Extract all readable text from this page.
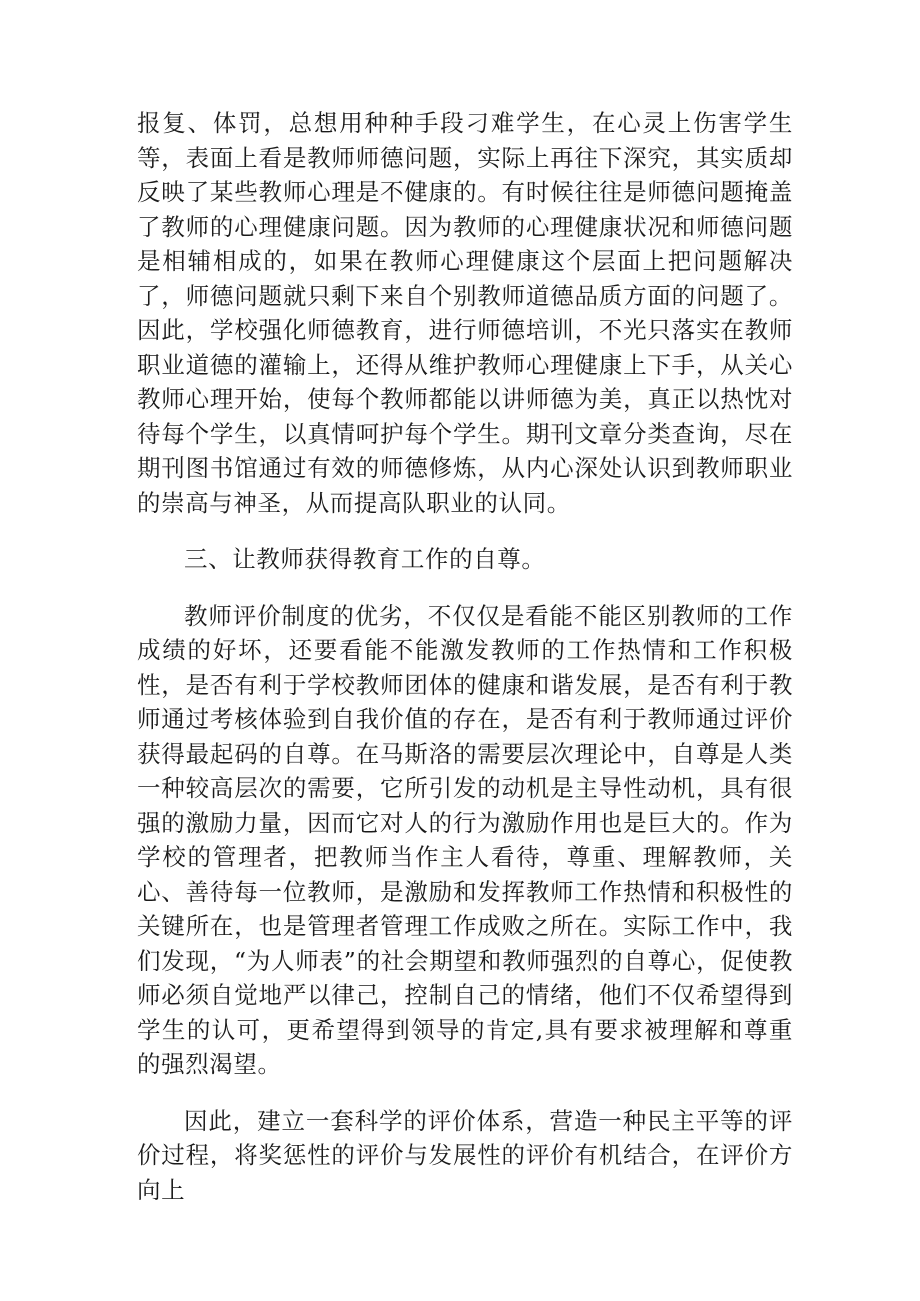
报复、体罚，总想用种种手段刁难学生，在心灵上伤害学生等，表面上看是教师师德问题，实际上再往下深究，其实质却反映了某些教师心理是不健康的。有时候往往是师德问题掩盖了教师的心理健康问题。因为教师的心理健康状况和师德问题是相辅相成的，如果在教师心理健康这个层面上把问题解决了，师德问题就只剩下来自个别教师道德品质方面的问题了。因此，学校强化师德教育，进行师德培训，不光只落实在教师职业道德的灌输上，还得从维护教师心理健康上下手，从关心教师心理开始，使每个教师都能以讲师德为美，真正以热忱对待每个学生，以真情呵护每个学生。期刊文章分类查询，尽在期刊图书馆通过有效的师德修炼，从内心深处认识到教师职业的崇高与神圣，从而提高队职业的认同。

三、让教师获得教育工作的自尊。

教师评价制度的优劣，不仅仅是看能不能区别教师的工作成绩的好坏，还要看能不能激发教师的工作热情和工作积极性，是否有利于学校教师团体的健康和谐发展，是否有利于教师通过考核体验到自我价值的存在，是否有利于教师通过评价获得最起码的自尊。在马斯洛的需要层次理论中，自尊是人类一种较高层次的需要，它所引发的动机是主导性动机，具有很强的激励力量，因而它对人的行为激励作用也是巨大的。作为学校的管理者，把教师当作主人看待，尊重、理解教师，关心、善待每一位教师，是激励和发挥教师工作热情和积极性的关键所在，也是管理者管理工作成败之所在。实际工作中，我们发现，“为人师表”的社会期望和教师强烈的自尊心，促使教师必须自觉地严以律己，控制自己的情绪，他们不仅希望得到学生的认可，更希望得到领导的肯定,具有要求被理解和尊重的强烈渴望。

因此，建立一套科学的评价体系，营造一种民主平等的评价过程，将奖惩性的评价与发展性的评价有机结合，在评价方向上
